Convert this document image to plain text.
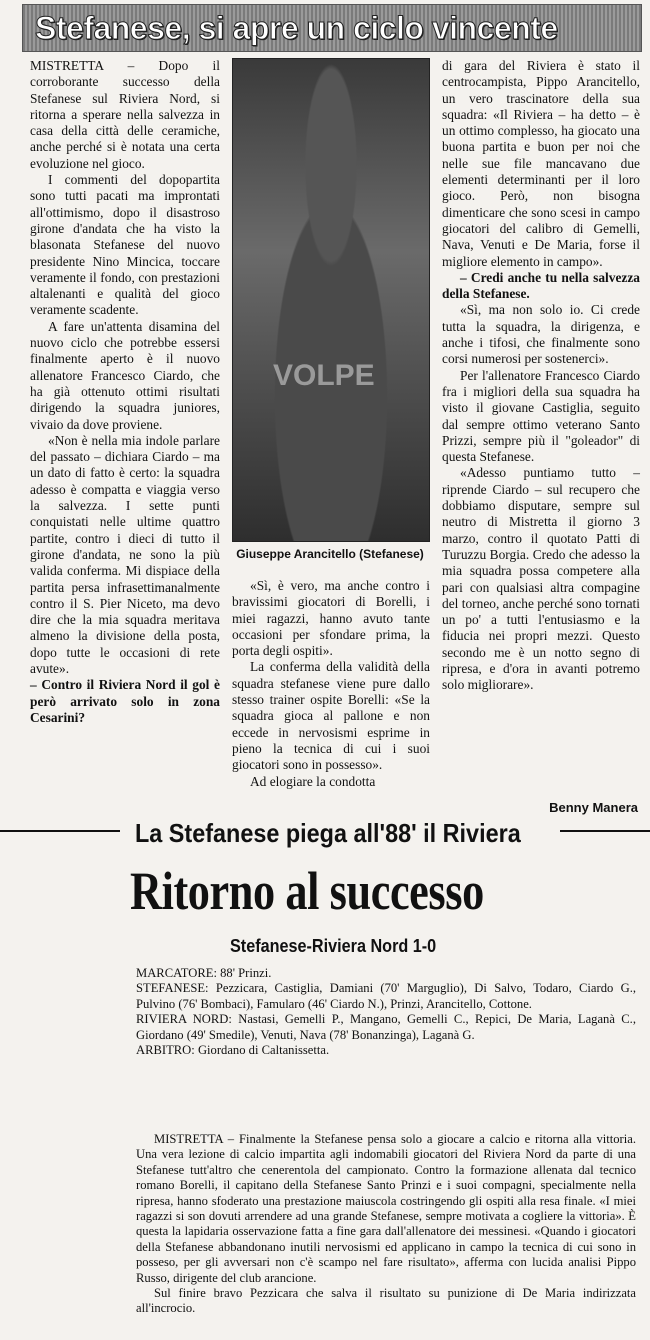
Stefanese, si apre un ciclo vincente

MISTRETTA – Dopo il corroborante successo della Stefanese sul Riviera Nord, si ritorna a sperare nella salvezza in casa della città delle ceramiche, anche perché si è notata una certa evoluzione nel gioco.

I commenti del dopopartita sono tutti pacati ma improntati all'ottimismo, dopo il disastroso girone d'andata che ha visto la blasonata Stefanese del nuovo presidente Nino Mincica, toccare veramente il fondo, con prestazioni altalenanti e qualità del gioco veramente scadente.

A fare un'attenta disamina del nuovo ciclo che potrebbe essersi finalmente aperto è il nuovo allenatore Francesco Ciardo, che ha già ottenuto ottimi risultati dirigendo la squadra juniores, vivaio da dove proviene.

«Non è nella mia indole parlare del passato – dichiara Ciardo – ma un dato di fatto è certo: la squadra adesso è compatta e viaggia verso la salvezza. I sette punti conquistati nelle ultime quattro partite, contro i dieci di tutto il girone d'andata, ne sono la più valida conferma. Mi dispiace della partita persa infrasettimanalmente contro il S. Pier Niceto, ma devo dire che la mia squadra meritava almeno la divisione della posta, dopo tutte le occasioni di rete avute».

– Contro il Riviera Nord il gol è però arrivato solo in zona Cesarini?

VOLPE
Giuseppe Arancitello (Stefanese)

«Sì, è vero, ma anche contro i bravissimi giocatori di Borelli, i miei ragazzi, hanno avuto tante occasioni per sfondare prima, la porta degli ospiti».

La conferma della validità della squadra stefanese viene pure dallo stesso trainer ospite Borelli: «Se la squadra gioca al pallone e non eccede in nervosismi esprime in pieno la tecnica di cui i suoi giocatori sono in possesso».

Ad elogiare la condotta

di gara del Riviera è stato il centrocampista, Pippo Arancitello, un vero trascinatore della sua squadra: «Il Riviera – ha detto – è un ottimo complesso, ha giocato una buona partita e buon per noi che nelle sue file mancavano due elementi determinanti per il loro gioco. Però, non bisogna dimenticare che sono scesi in campo giocatori del calibro di Gemelli, Nava, Venuti e De Maria, forse il migliore elemento in campo».

– Credi anche tu nella salvezza della Stefanese.

«Sì, ma non solo io. Ci crede tutta la squadra, la dirigenza, e anche i tifosi, che finalmente sono corsi numerosi per sostenerci».

Per l'allenatore Francesco Ciardo fra i migliori della sua squadra ha visto il giovane Castiglia, seguito dal sempre ottimo veterano Santo Prizzi, sempre più il "goleador" di questa Stefanese.

«Adesso puntiamo tutto – riprende Ciardo – sul recupero che dobbiamo disputare, sempre sul neutro di Mistretta il giorno 3 marzo, contro il quotato Patti di Turuzzu Borgia. Credo che adesso la mia squadra possa competere alla pari con qualsiasi altra compagine del torneo, anche perché sono tornati un po' a tutti l'entusiasmo e la fiducia nei propri mezzi. Questo secondo me è un notto segno di ripresa, e d'ora in avanti potremo solo migliorare».

Benny Manera
La Stefanese piega all'88' il Riviera
Ritorno al successo
Stefanese-Riviera Nord 1-0

MARCATORE: 88' Prinzi.

STEFANESE: Pezzicara, Castiglia, Damiani (70' Marguglio), Di Salvo, Todaro, Ciardo G., Pulvino (76' Bombaci), Famularo (46' Ciardo N.), Prinzi, Arancitello, Cottone.

RIVIERA NORD: Nastasi, Gemelli P., Mangano, Gemelli C., Repici, De Maria, Laganà C., Giordano (49' Smedile), Venuti, Nava (78' Bonanzinga), Laganà G.

ARBITRO: Giordano di Caltanissetta.

MISTRETTA – Finalmente la Stefanese pensa solo a giocare a calcio e ritorna alla vittoria. Una vera lezione di calcio impartita agli indomabili giocatori del Riviera Nord da parte di una Stefanese tutt'altro che cenerentola del campionato. Contro la formazione allenata dal tecnico romano Borelli, il capitano della Stefanese Santo Prinzi e i suoi compagni, specialmente nella ripresa, hanno sfoderato una prestazione maiuscola costringendo gli ospiti alla resa finale. «I miei ragazzi si son dovuti arrendere ad una grande Stefanese, sempre motivata a cogliere la vittoria». È questa la lapidaria osservazione fatta a fine gara dall'allenatore dei messinesi. «Quando i giocatori della Stefanese abbandonano inutili nervosismi ed applicano in campo la tecnica di cui sono in posseso, per gli avversari non c'è scampo nel fare risultato», afferma con lucida analisi Pippo Russo, dirigente del club arancione.

Sul finire bravo Pezzicara che salva il risultato su punizione di De Maria indirizzata all'incrocio.
